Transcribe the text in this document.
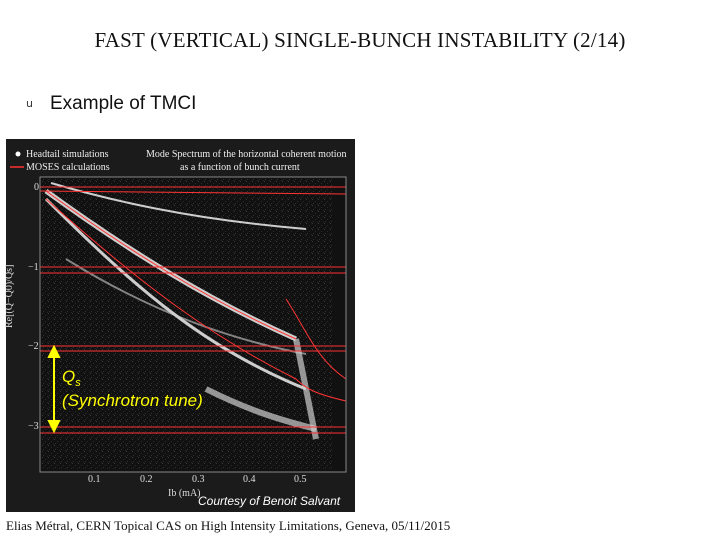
FAST (VERTICAL) SINGLE-BUNCH INSTABILITY (2/14)
u Example of TMCI
Headtail simulations
MOSES calculations
Mode Spectrum of the horizontal coherent motion
as a function of bunch current
Re[(Q−Q0)/Qs]
Ib (mA)
0
−1
−2
−3
0.1	0.2	0.3	0.4	0.5
$Q_s$
(Synchrotron tune)
Courtesy of Benoit Salvant
Elias Métral, CERN Topical CAS on High Intensity Limitations, Geneva, 05/11/2015
